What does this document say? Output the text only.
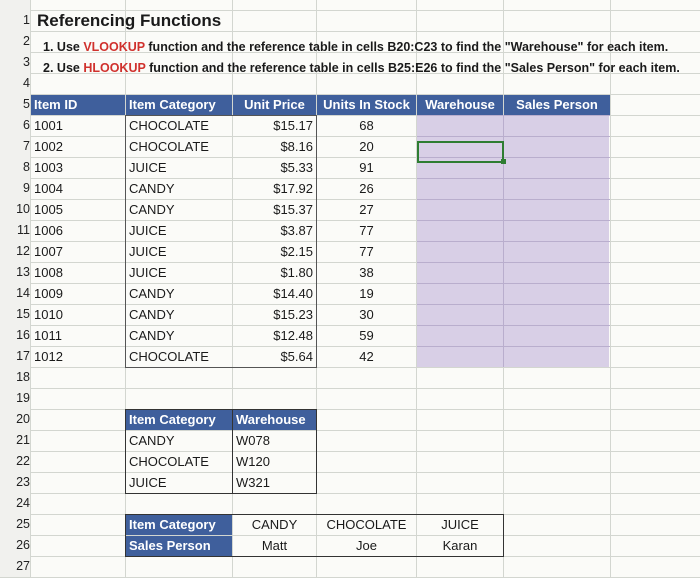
1
2
3
4
5
6
7
8
9
10
11
12
13
14
15
16
17
18
19
20
21
22
23
24
25
26
27
Referencing Functions
1. Use VLOOKUP function and the reference table in cells B20:C23 to find the "Warehouse" for each item.
2. Use HLOOKUP function and the reference table in cells B25:E26 to find the "Sales Person" for each item.
Item ID	Item Category	Unit Price	Units In Stock	Warehouse	Sales Person
1001	CHOCOLATE	$15.17	68
1002	CHOCOLATE	$8.16	20
1003	JUICE	$5.33	91
1004	CANDY	$17.92	26
1005	CANDY	$15.37	27
1006	JUICE	$3.87	77
1007	JUICE	$2.15	77
1008	JUICE	$1.80	38
1009	CANDY	$14.40	19
1010	CANDY	$15.23	30
1011	CANDY	$12.48	59
1012	CHOCOLATE	$5.64	42
Item Category	Warehouse
CANDY	W078
CHOCOLATE	W120
JUICE	W321
Item Category	CANDY	CHOCOLATE	JUICE
Sales Person	Matt	Joe	Karan
